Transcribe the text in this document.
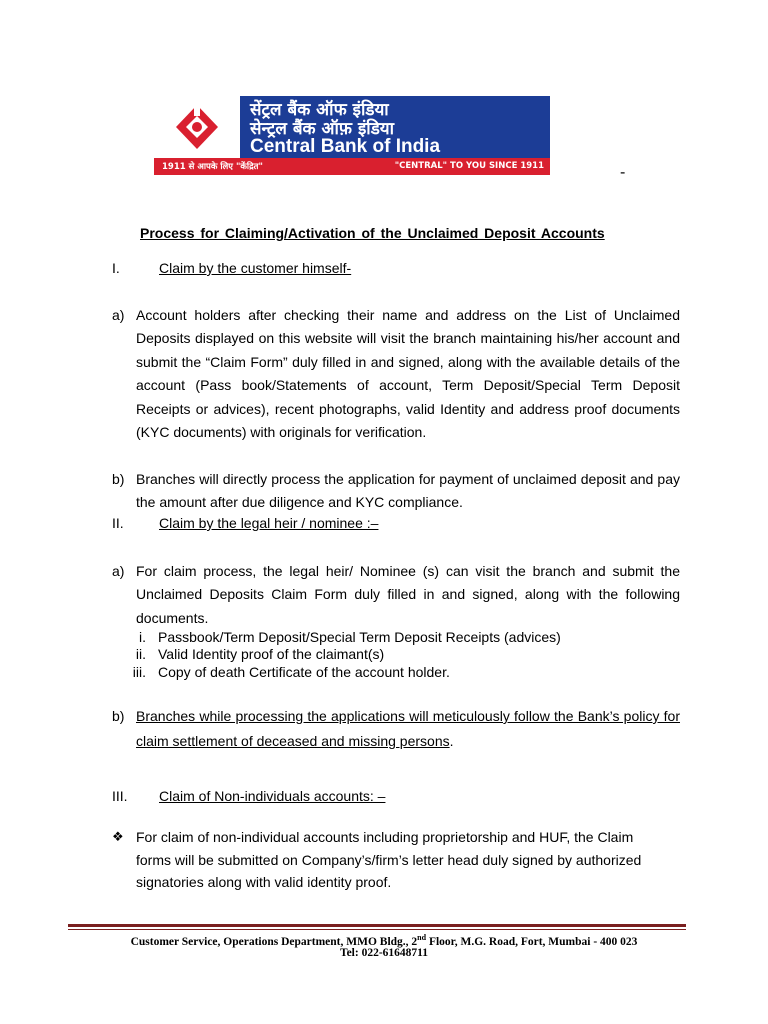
सेंट्रल बैंक ऑफ इंडिया
सेन्ट्रल बैंक ऑफ़ इंडिया
Central Bank of India
1911 से आपके लिए "केंद्रित"	"CENTRAL" TO YOU SINCE 1911	-
Process for Claiming/Activation of the Unclaimed Deposit Accounts
I.	Claim by the customer himself-
a) Account holders after checking their name and address on the List of Unclaimed Deposits displayed on this website will visit the branch maintaining his/her account and submit the “Claim Form” duly filled in and signed, along with the available details of the account (Pass book/Statements of account, Term Deposit/Special Term Deposit Receipts or advices), recent photographs, valid Identity and address proof documents (KYC documents) with originals for verification.
b) Branches will directly process the application for payment of unclaimed deposit and pay the amount after due diligence and KYC compliance.
II.	Claim by the legal heir / nominee :–
a) For claim process, the legal heir/ Nominee (s) can visit the branch and submit the Unclaimed Deposits Claim Form duly filled in and signed, along with the following documents.
i. Passbook/Term Deposit/Special Term Deposit Receipts (advices)
ii. Valid Identity proof of the claimant(s)
iii. Copy of death Certificate of the account holder.
b) Branches while processing the applications will meticulously follow the Bank’s policy for claim settlement of deceased and missing persons.
III. Claim of Non-individuals accounts: –
❖ For claim of non-individual accounts including proprietorship and HUF, the Claim forms will be submitted on Company’s/firm’s letter head duly signed by authorized signatories along with valid identity proof.
Customer Service, Operations Department, MMO Bldg., 2nd Floor, M.G. Road, Fort, Mumbai - 400 023
Tel: 022-61648711
